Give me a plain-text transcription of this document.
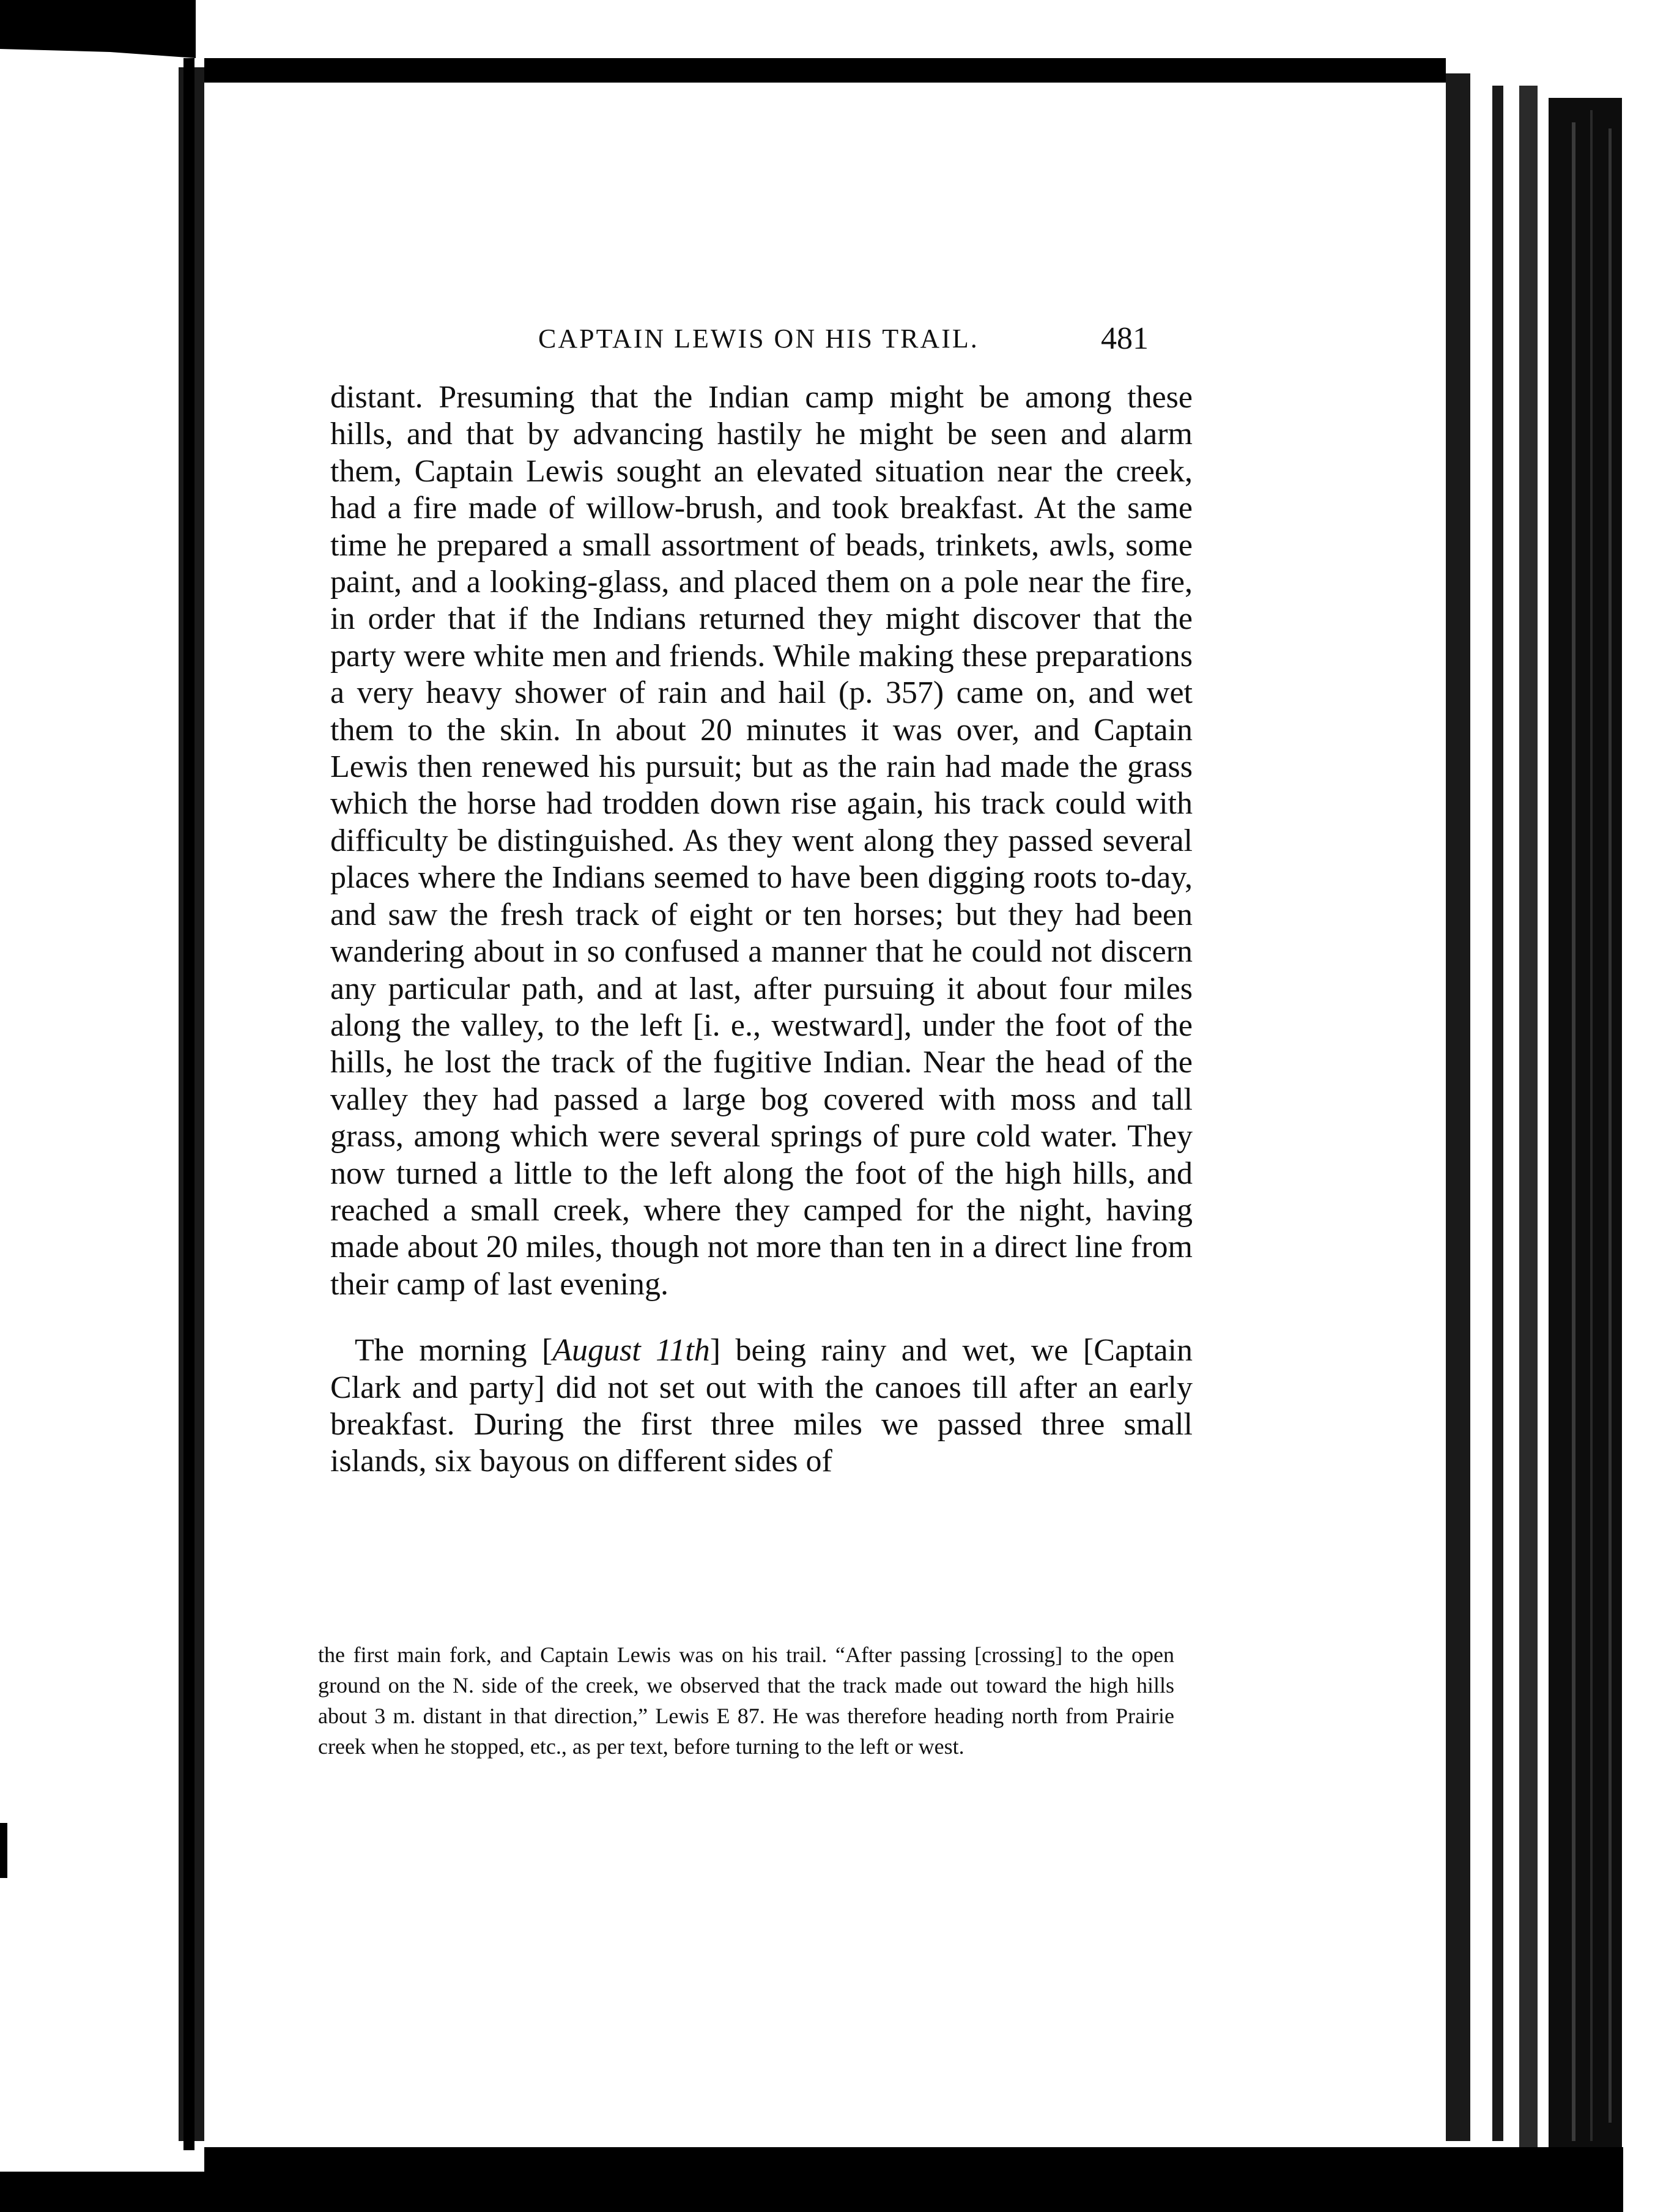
CAPTAIN LEWIS ON HIS TRAIL.	481

distant. Presuming that the Indian camp might be among these hills, and that by advancing hastily he might be seen and alarm them, Captain Lewis sought an elevated situation near the creek, had a fire made of willow-brush, and took breakfast. At the same time he prepared a small assortment of beads, trinkets, awls, some paint, and a looking-glass, and placed them on a pole near the fire, in order that if the Indians returned they might discover that the party were white men and friends. While making these preparations a very heavy shower of rain and hail (p. 357) came on, and wet them to the skin. In about 20 minutes it was over, and Captain Lewis then renewed his pursuit; but as the rain had made the grass which the horse had trodden down rise again, his track could with difficulty be distinguished. As they went along they passed several places where the Indians seemed to have been digging roots to-day, and saw the fresh track of eight or ten horses; but they had been wandering about in so confused a manner that he could not discern any particular path, and at last, after pursuing it about four miles along the valley, to the left [i. e., westward], under the foot of the hills, he lost the track of the fugitive Indian. Near the head of the valley they had passed a large bog covered with moss and tall grass, among which were several springs of pure cold water. They now turned a little to the left along the foot of the high hills, and reached a small creek, where they camped for the night, having made about 20 miles, though not more than ten in a direct line from their camp of last evening.

The morning [August 11th] being rainy and wet, we [Captain Clark and party] did not set out with the canoes till after an early breakfast. During the first three miles we passed three small islands, six bayous on different sides of

the first main fork, and Captain Lewis was on his trail. “After passing [crossing] to the open ground on the N. side of the creek, we observed that the track made out toward the high hills about 3 m. distant in that direction,” Lewis E 87. He was therefore heading north from Prairie creek when he stopped, etc., as per text, before turning to the left or west.
